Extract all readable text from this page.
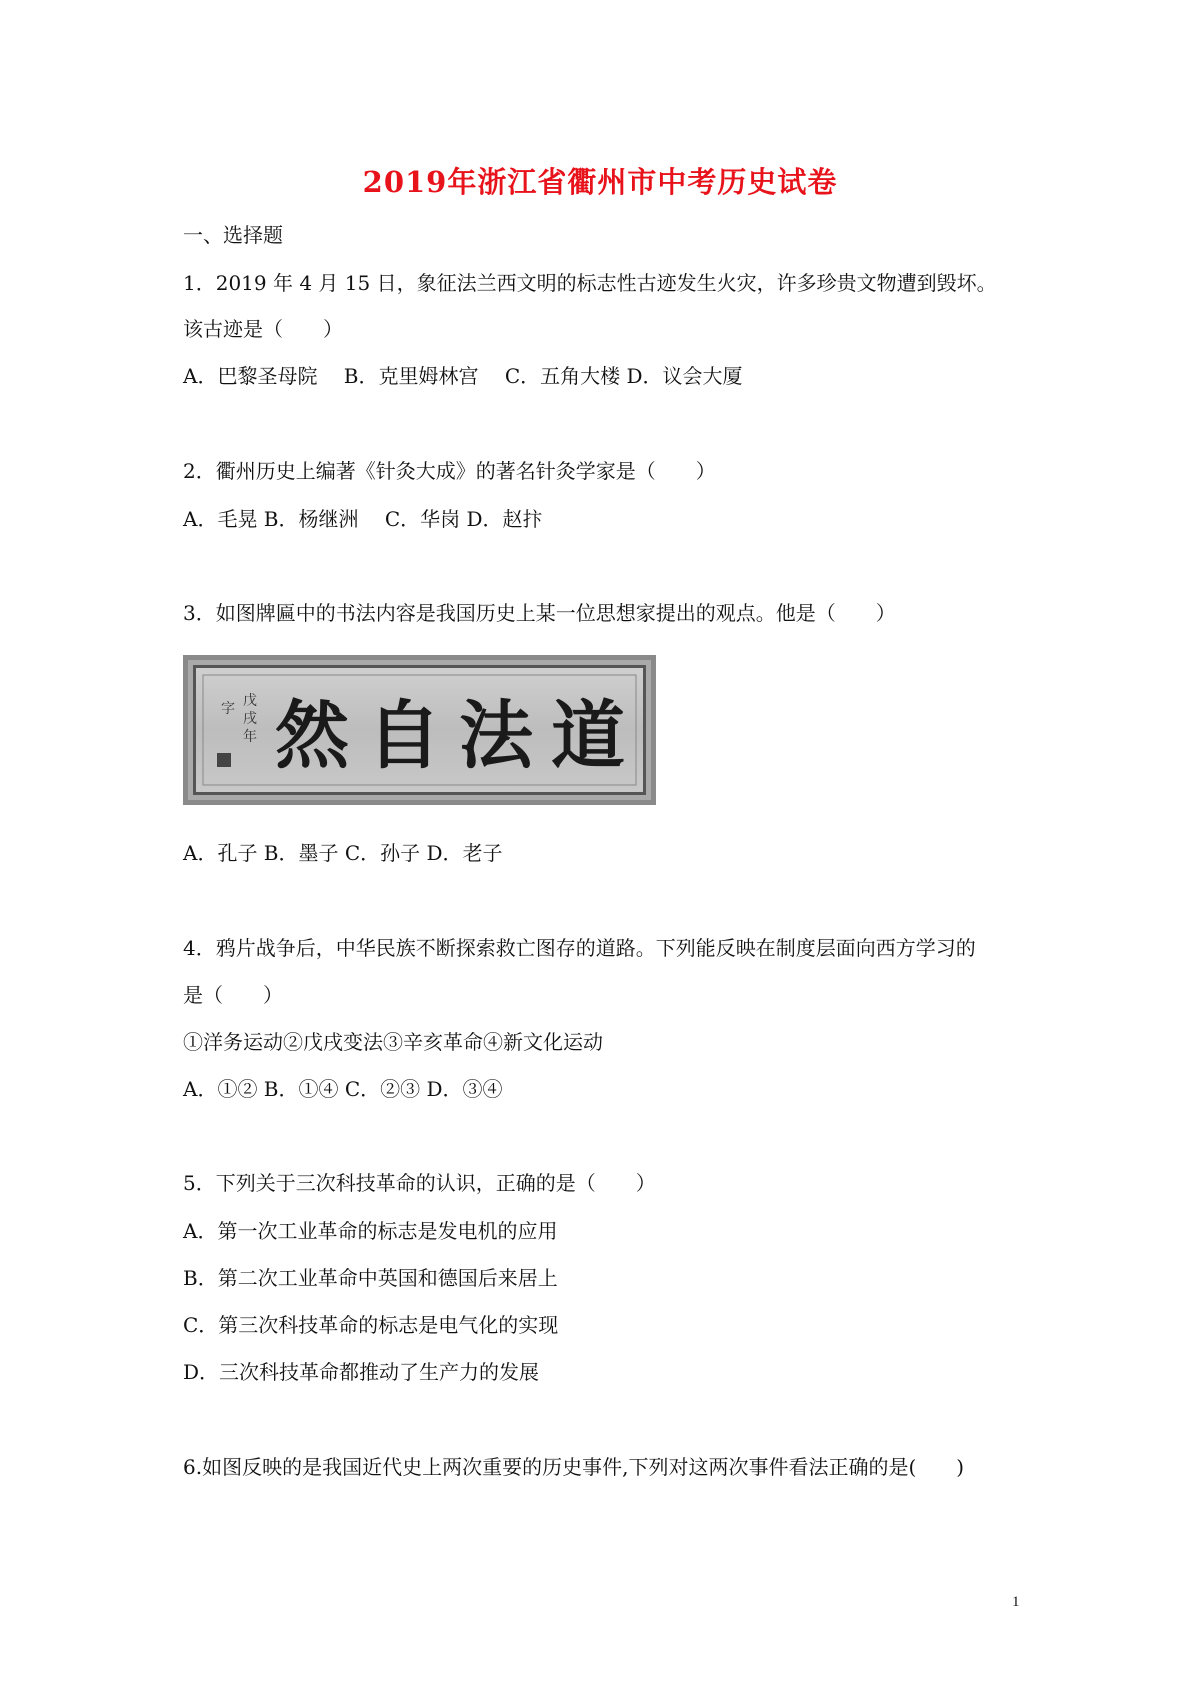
2019年浙江省衢州市中考历史试卷
一、选择题
1．2019 年 4 月 15 日，象征法兰西文明的标志性古迹发生火灾，许多珍贵文物遭到毁坏。
该古迹是（　　）
A．巴黎圣母院　 B．克里姆林宫　 C．五角大楼 D．议会大厦
2．衢州历史上编著《针灸大成》的著名针灸学家是（　　）
A．毛晃 B．杨继洲　 C．华岗 D．赵抃
3．如图牌匾中的书法内容是我国历史上某一位思想家提出的观点。他是（　　）
道
法
自
然
戊
戌
年
字
A．孔子 B．墨子 C．孙子 D．老子
4．鸦片战争后，中华民族不断探索救亡图存的道路。下列能反映在制度层面向西方学习的
是（　　）
①洋务运动②戊戌变法③辛亥革命④新文化运动
A．①② B．①④ C．②③ D．③④
5．下列关于三次科技革命的认识，正确的是（　　）
A．第一次工业革命的标志是发电机的应用
B．第二次工业革命中英国和德国后来居上
C．第三次科技革命的标志是电气化的实现
D．三次科技革命都推动了生产力的发展
6.如图反映的是我国近代史上两次重要的历史事件,下列对这两次事件看法正确的是(　　)
1
